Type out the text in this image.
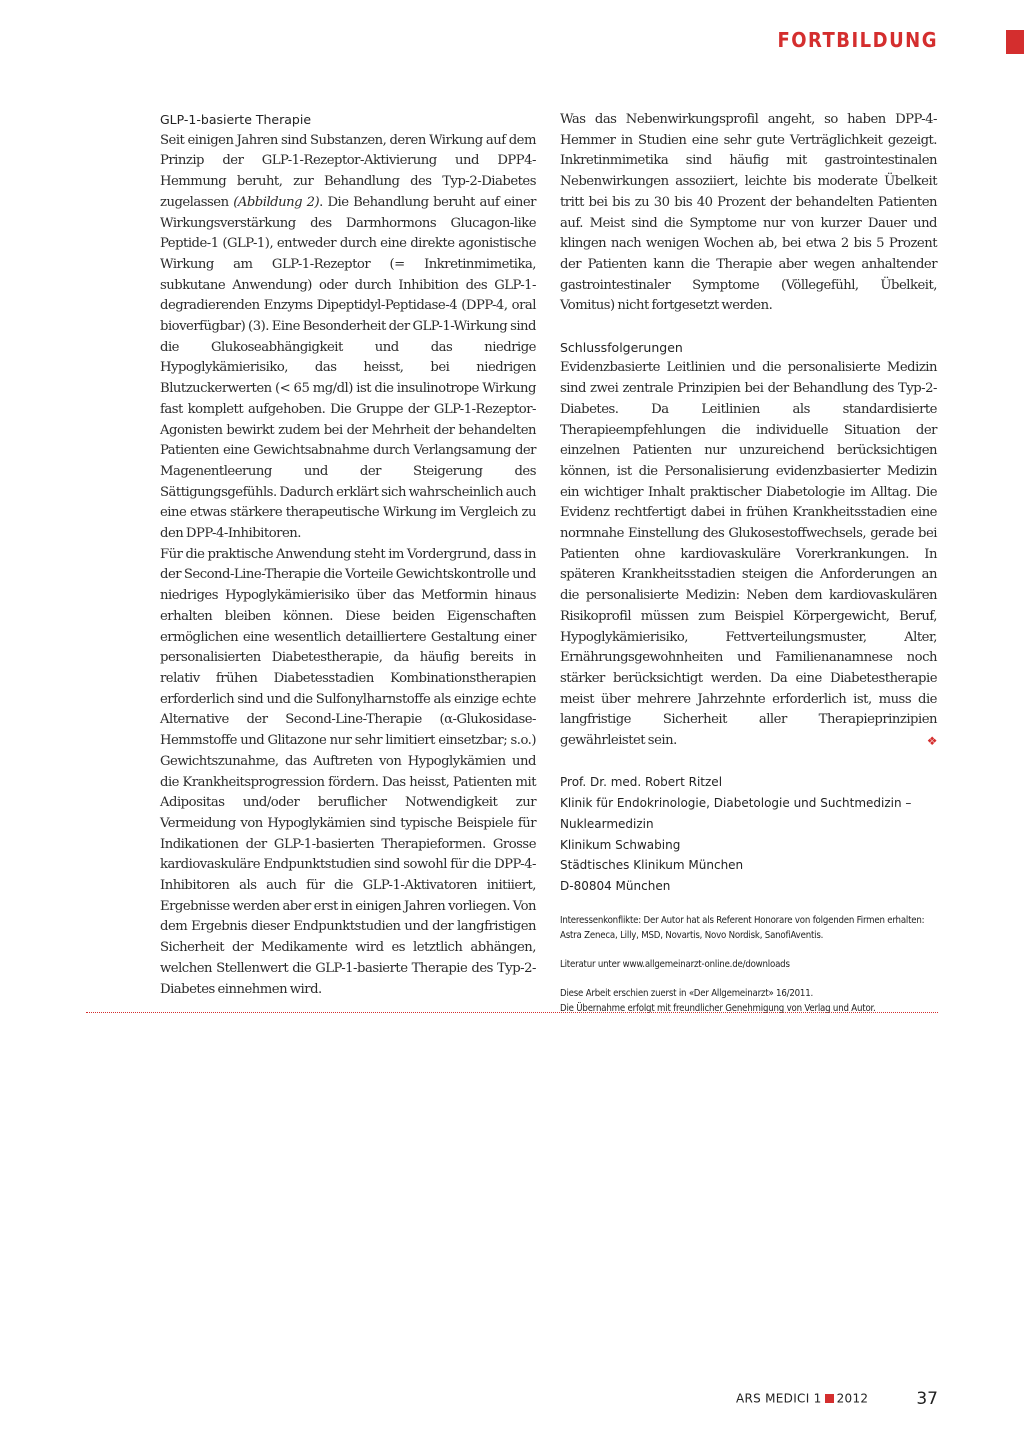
FORTBILDUNG

GLP-1-basierte Therapie

Seit einigen Jahren sind Substanzen, deren Wirkung auf dem Prinzip der GLP-1-Rezeptor-Aktivierung und DPP4-Hemmung beruht, zur Behandlung des Typ-2-Diabetes zugelassen (Abbildung 2). Die Behandlung beruht auf einer Wirkungsverstärkung des Darmhormons Glucagon-like Peptide-1 (GLP-1), entweder durch eine direkte agonistische Wirkung am GLP-1-Rezeptor (= Inkretinmimetika, subkutane Anwendung) oder durch Inhibition des GLP-1-degradierenden Enzyms Dipeptidyl-Peptidase-4 (DPP-4, oral bioverfügbar) (3). Eine Besonderheit der GLP-1-Wirkung sind die Glukoseabhängigkeit und das niedrige Hypoglykämierisiko, das heisst, bei niedrigen Blutzuckerwerten (< 65 mg/dl) ist die insulinotrope Wirkung fast komplett aufgehoben. Die Gruppe der GLP-1-Rezeptor-Agonisten bewirkt zudem bei der Mehrheit der behandelten Patienten eine Gewichtsabnahme durch Verlangsamung der Magenentleerung und der Steigerung des Sättigungsgefühls. Dadurch erklärt sich wahrscheinlich auch eine etwas stärkere therapeutische Wirkung im Vergleich zu den DPP-4-Inhibitoren.

Für die praktische Anwendung steht im Vordergrund, dass in der Second-Line-Therapie die Vorteile Gewichtskontrolle und niedriges Hypoglykämierisiko über das Metformin hinaus erhalten bleiben können. Diese beiden Eigenschaften ermöglichen eine wesentlich detailliertere Gestaltung einer personalisierten Diabetestherapie, da häufig bereits in relativ frühen Diabetesstadien Kombinationstherapien erforderlich sind und die Sulfonylharnstoffe als einzige echte Alternative der Second-Line-Therapie (α-Glukosidase-Hemmstoffe und Glitazone nur sehr limitiert einsetzbar; s.o.) Gewichtszunahme, das Auftreten von Hypoglykämien und die Krankheitsprogression fördern. Das heisst, Patienten mit Adipositas und/oder beruflicher Notwendigkeit zur Vermeidung von Hypoglykämien sind typische Beispiele für Indikationen der GLP-1-basierten Therapieformen. Grosse kardiovaskuläre Endpunktstudien sind sowohl für die DPP-4-Inhibitoren als auch für die GLP-1-Aktivatoren initiiert, Ergebnisse werden aber erst in einigen Jahren vorliegen. Von dem Ergebnis dieser Endpunktstudien und der langfristigen Sicherheit der Medikamente wird es letztlich abhängen, welchen Stellenwert die GLP-1-basierte Therapie des Typ-2-Diabetes einnehmen wird.

Was das Nebenwirkungsprofil angeht, so haben DPP-4-Hemmer in Studien eine sehr gute Verträglichkeit gezeigt. Inkretinmimetika sind häufig mit gastrointestinalen Nebenwirkungen assoziiert, leichte bis moderate Übelkeit tritt bei bis zu 30 bis 40 Prozent der behandelten Patienten auf. Meist sind die Symptome nur von kurzer Dauer und klingen nach wenigen Wochen ab, bei etwa 2 bis 5 Prozent der Patienten kann die Therapie aber wegen anhaltender gastrointestinaler Symptome (Völlegefühl, Übelkeit, Vomitus) nicht fortgesetzt werden.

Schlussfolgerungen

Evidenzbasierte Leitlinien und die personalisierte Medizin sind zwei zentrale Prinzipien bei der Behandlung des Typ-2-Diabetes. Da Leitlinien als standardisierte Therapieempfehlungen die individuelle Situation der einzelnen Patienten nur unzureichend berücksichtigen können, ist die Personalisierung evidenzbasierter Medizin ein wichtiger Inhalt praktischer Diabetologie im Alltag. Die Evidenz rechtfertigt dabei in frühen Krankheitsstadien eine normnahe Einstellung des Glukosestoffwechsels, gerade bei Patienten ohne kardiovaskuläre Vorerkrankungen. In späteren Krankheitsstadien steigen die Anforderungen an die personalisierte Medizin: Neben dem kardiovaskulären Risikoprofil müssen zum Beispiel Körpergewicht, Beruf, Hypoglykämierisiko, Fettverteilungsmuster, Alter, Ernährungsgewohnheiten und Familienanamnese noch stärker berücksichtigt werden. Da eine Diabetestherapie meist über mehrere Jahrzehnte erforderlich ist, muss die langfristige Sicherheit aller Therapieprinzipien gewährleistet sein.	❖

Prof. Dr. med. Robert Ritzel

Klinik für Endokrinologie, Diabetologie und Suchtmedizin –

Nuklearmedizin

Klinikum Schwabing

Städtisches Klinikum München

D-80804 München

Interessenkonflikte: Der Autor hat als Referent Honorare von folgenden Firmen erhalten:

Astra Zeneca, Lilly, MSD, Novartis, Novo Nordisk, SanofiAventis.

Literatur unter www.allgemeinarzt-online.de/downloads

Diese Arbeit erschien zuerst in «Der Allgemeinarzt» 16/2011.

Die Übernahme erfolgt mit freundlicher Genehmigung von Verlag und Autor.

ARS MEDICI 1 2012	37
